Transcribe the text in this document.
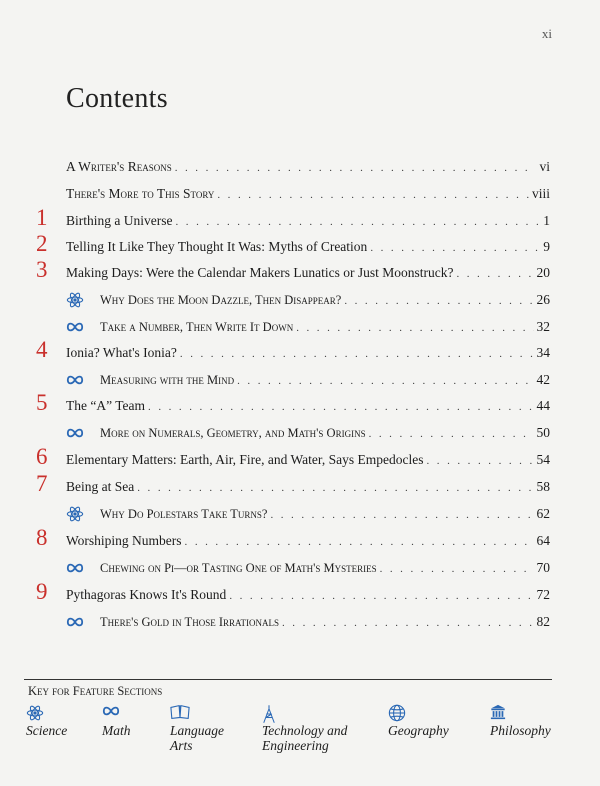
xi
Contents
A Writer's Reasons . . .	vi
There's More to This Story . . .	viii
1	Birthing a Universe . . .	1
2	Telling It Like They Thought It Was: Myths of Creation . . .	9
3	Making Days: Were the Calendar Makers Lunatics or Just Moonstruck? . . .	20
Why Does the Moon Dazzle, Then Disappear? . . .	26
Take a Number, Then Write It Down . . .	32
4	Ionia? What's Ionia? . . .	34
Measuring with the Mind . . .	42
5	The “A” Team . . .	44
More on Numerals, Geometry, and Math's Origins . . .	50
6	Elementary Matters: Earth, Air, Fire, and Water, Says Empedocles . . .	54
7	Being at Sea . . .	58
Why Do Polestars Take Turns? . . .	62
8	Worshiping Numbers . . .	64
Chewing on Pi—or Tasting One of Math's Mysteries . . .	70
9	Pythagoras Knows It's Round . . .	72
There's Gold in Those Irrationals . . .	82
Key for Feature Sections
Science	Math	Language
Arts
Technology and
Engineering
Geography	Philosophy
